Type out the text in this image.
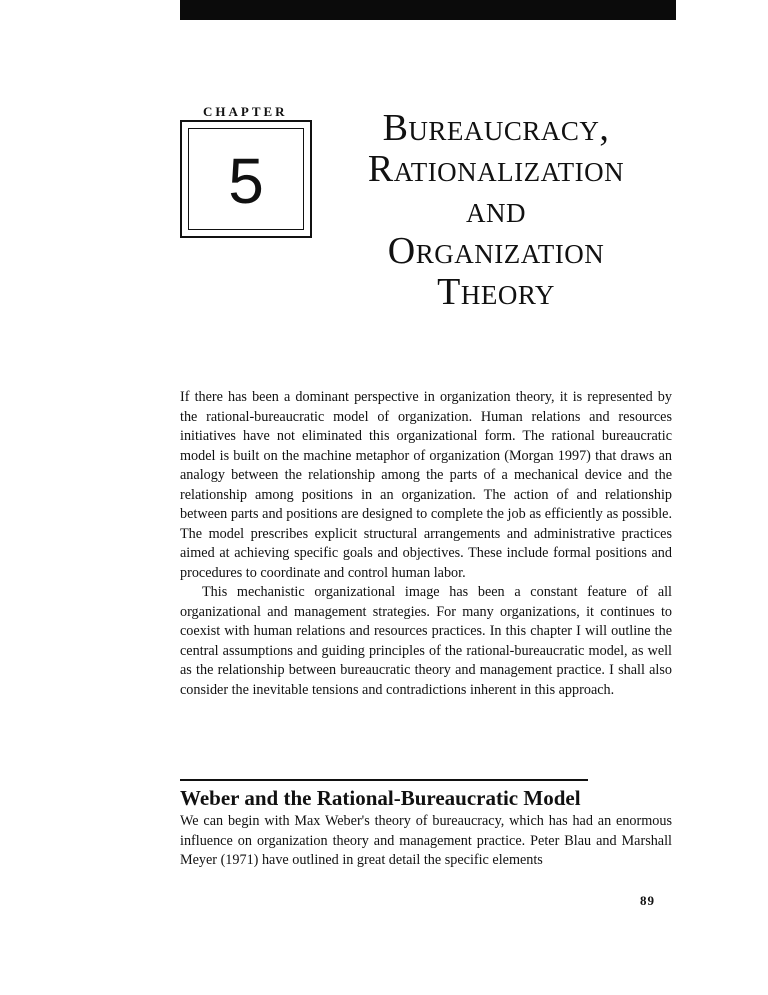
CHAPTER
5
Bureaucracy,
Rationalization
and
Organization
Theory

If there has been a dominant perspective in organization theory, it is represented by the rational-bureaucratic model of organization. Human relations and resources initiatives have not eliminated this organizational form. The rational bureaucratic model is built on the machine metaphor of organization (Morgan 1997) that draws an analogy between the relationship among the parts of a mechanical device and the relationship among positions in an organization. The action of and relationship between parts and positions are designed to complete the job as efficiently as possible. The model prescribes explicit structural arrangements and administrative practices aimed at achieving specific goals and objectives. These include formal positions and procedures to coordinate and control human labor.

This mechanistic organizational image has been a constant feature of all organizational and management strategies. For many organizations, it continues to coexist with human relations and resources practices. In this chapter I will outline the central assumptions and guiding principles of the rational-bureaucratic model, as well as the relationship between bureaucratic theory and management practice. I shall also consider the inevitable tensions and contradictions inherent in this approach.

Weber and the Rational-Bureaucratic Model

We can begin with Max Weber's theory of bureaucracy, which has had an enormous influence on organization theory and management practice. Peter Blau and Marshall Meyer (1971) have outlined in great detail the specific elements

89
